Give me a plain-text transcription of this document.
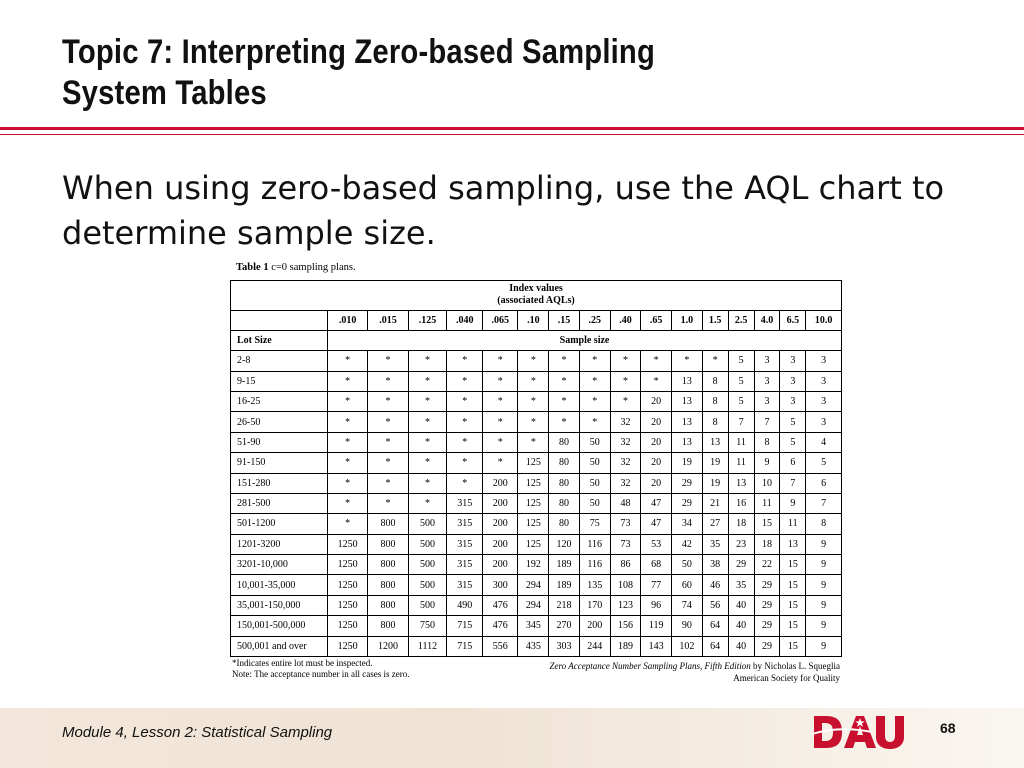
Topic 7: Interpreting Zero-based Sampling
System Tables
When using zero-based sampling, use the AQL chart to determine sample size.
Table 1 c=0 sampling plans.
Index values
(associated AQLs)																

	.010	.015	.125	.040	.065	.10	.15	.25	.40	.65	1.0	1.5	2.5	4.0	6.5	10.0
Lot Size	Sample size															
2-8	*	*	*	*	*	*	*	*	*	*	*	*	5	3	3	3
9-15	*	*	*	*	*	*	*	*	*	*	13	8	5	3	3	3
16-25	*	*	*	*	*	*	*	*	*	20	13	8	5	3	3	3
26-50	*	*	*	*	*	*	*	*	32	20	13	8	7	7	5	3
51-90	*	*	*	*	*	*	80	50	32	20	13	13	11	8	5	4
91-150	*	*	*	*	*	125	80	50	32	20	19	19	11	9	6	5
151-280	*	*	*	*	200	125	80	50	32	20	29	19	13	10	7	6
281-500	*	*	*	315	200	125	80	50	48	47	29	21	16	11	9	7
501-1200	*	800	500	315	200	125	80	75	73	47	34	27	18	15	11	8
1201-3200	1250	800	500	315	200	125	120	116	73	53	42	35	23	18	13	9
3201-10,000	1250	800	500	315	200	192	189	116	86	68	50	38	29	22	15	9
10,001-35,000	1250	800	500	315	300	294	189	135	108	77	60	46	35	29	15	9
35,001-150,000	1250	800	500	490	476	294	218	170	123	96	74	56	40	29	15	9
150,001-500,000	1250	800	750	715	476	345	270	200	156	119	90	64	40	29	15	9
500,001 and over	1250	1200	1112	715	556	435	303	244	189	143	102	64	40	29	15	9
*Indicates entire lot must be inspected.
Note: The acceptance number in all cases is zero.
Zero Acceptance Number Sampling Plans, Fifth Edition by Nicholas L. Squeglia
American Society for Quality
Module 4, Lesson 2: Statistical Sampling	68
